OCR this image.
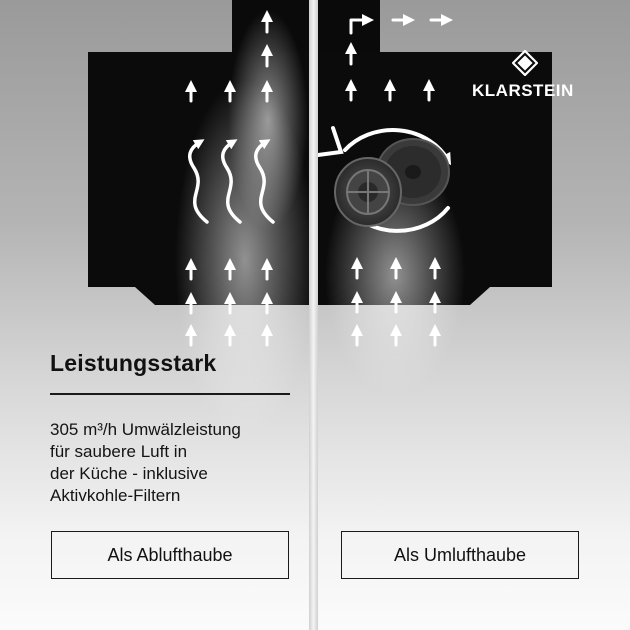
KLARSTEIN
Leistungsstark
305 m³/h Umwälzleistung
für saubere Luft in
der Küche - inklusive
Aktivkohle-Filtern
Als Ablufthaube	Als Umlufthaube
